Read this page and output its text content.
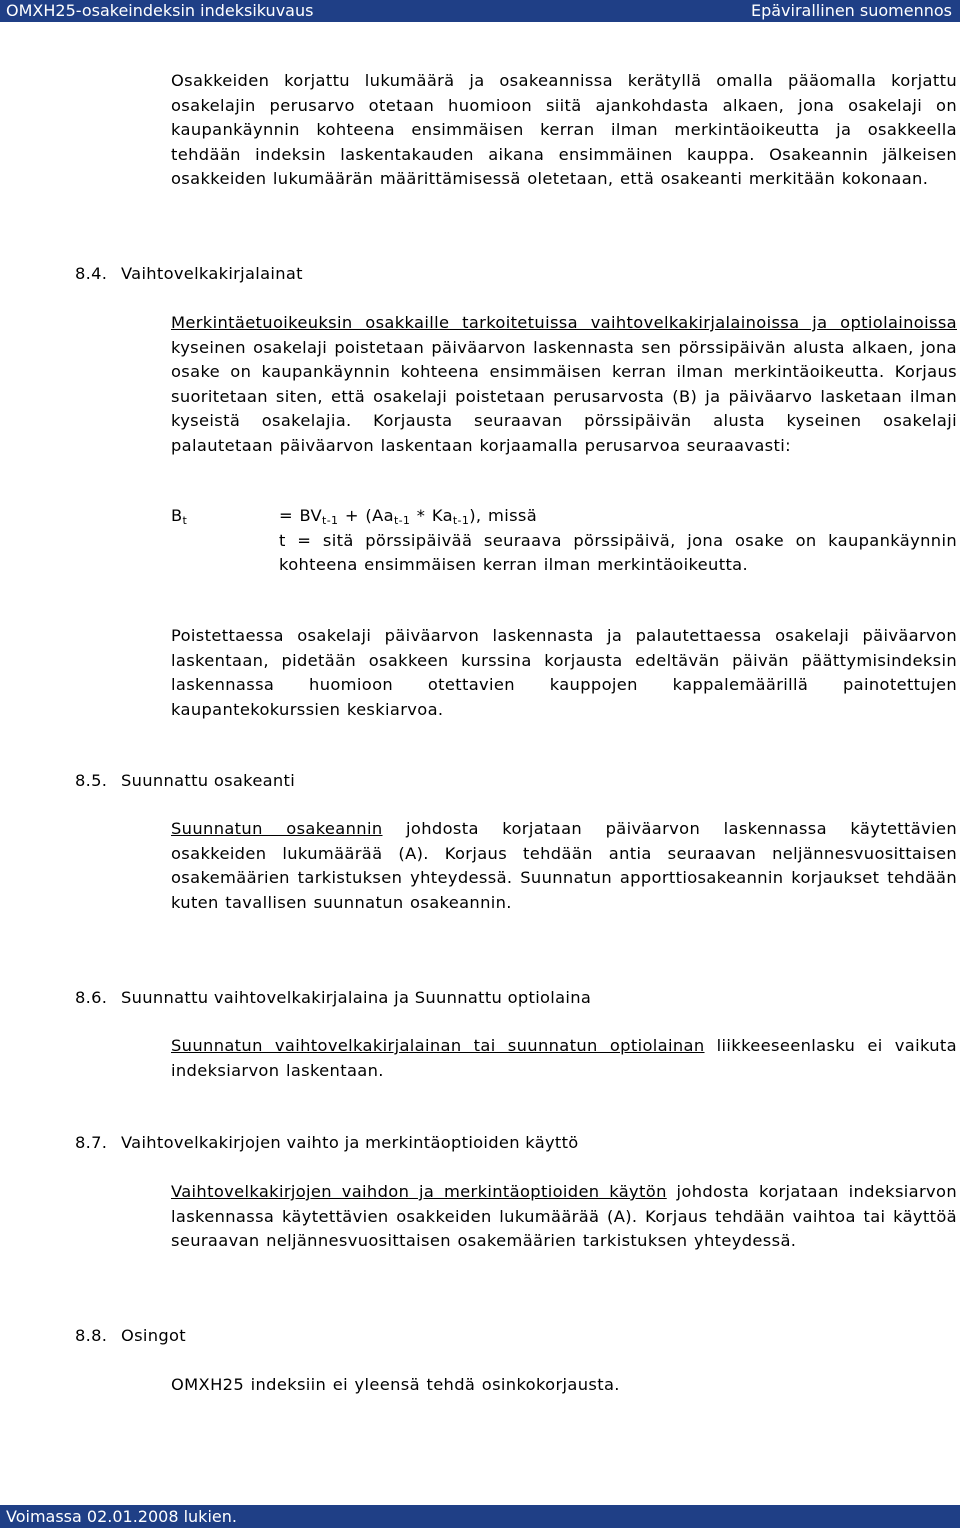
OMXH25-osakeindeksin indeksikuvaus	Epävirallinen suomennos
Osakkeiden korjattu lukumäärä ja osakeannissa kerätyllä omalla pääomalla korjattu osakelajin perusarvo otetaan huomioon siitä ajankohdasta alkaen, jona osakelaji on kaupankäynnin kohteena ensimmäisen kerran ilman merkintäoikeutta ja osakkeella tehdään indeksin laskentakauden aikana ensimmäinen kauppa. Osakeannin jälkeisen osakkeiden lukumäärän määrittämisessä oletetaan, että osakeanti merkitään kokonaan.
8.4. Vaihtovelkakirjalainat
Merkintäetuoikeuksin osakkaille tarkoitetuissa vaihtovelkakirjalainoissa ja optiolainoissa kyseinen osakelaji poistetaan päiväarvon laskennasta sen pörssipäivän alusta alkaen, jona osake on kaupankäynnin kohteena ensimmäisen kerran ilman merkintäoikeutta. Korjaus suoritetaan siten, että osakelaji poistetaan perusarvosta (B) ja päiväarvo lasketaan ilman kyseistä osakelajia. Korjausta seuraavan pörssipäivän alusta kyseinen osakelaji palautetaan päiväarvon laskentaan korjaamalla perusarvoa seuraavasti:
$B_t$	= $BV_{t-1} + (Aa_{t-1} * Ka_{t-1})$, missä
t = sitä pörssipäivää seuraava pörssipäivä, jona osake on kaupankäynnin kohteena ensimmäisen kerran ilman merkintäoikeutta.
Poistettaessa osakelaji päiväarvon laskennasta ja palautettaessa osakelaji päiväarvon laskentaan, pidetään osakkeen kurssina korjausta edeltävän päivän päättymisindeksin laskennassa huomioon otettavien kauppojen kappalemäärillä painotettujen kaupantekokurssien keskiarvoa.
8.5. Suunnattu osakeanti
Suunnatun osakeannin johdosta korjataan päiväarvon laskennassa käytettävien osakkeiden lukumäärää (A). Korjaus tehdään antia seuraavan neljännesvuosittaisen osakemäärien tarkistuksen yhteydessä. Suunnatun apporttiosakeannin korjaukset tehdään kuten tavallisen suunnatun osakeannin.
8.6. Suunnattu vaihtovelkakirjalaina ja Suunnattu optiolaina
Suunnatun vaihtovelkakirjalainan tai suunnatun optiolainan liikkeeseenlasku ei vaikuta indeksiarvon laskentaan.
8.7. Vaihtovelkakirjojen vaihto ja merkintäoptioiden käyttö
Vaihtovelkakirjojen vaihdon ja merkintäoptioiden käytön johdosta korjataan indeksiarvon laskennassa käytettävien osakkeiden lukumäärää (A). Korjaus tehdään vaihtoa tai käyttöä seuraavan neljännesvuosittaisen osakemäärien tarkistuksen yhteydessä.
8.8. Osingot
OMXH25 indeksiin ei yleensä tehdä osinkokorjausta.
Voimassa 02.01.2008 lukien.
